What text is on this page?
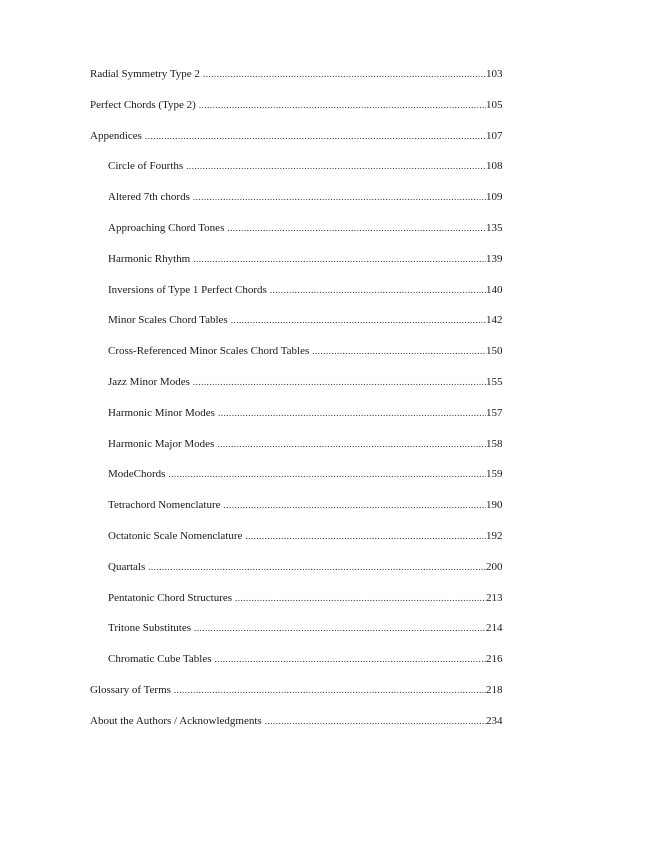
Radial Symmetry Type 2 .....	103
Perfect Chords (Type 2) .....	105
Appendices .....	107
Circle of Fourths .....	108
Altered 7th chords .....	109
Approaching Chord Tones .....	135
Harmonic Rhythm .....	139
Inversions of Type 1 Perfect Chords .....	140
Minor Scales Chord Tables .....	142
Cross-Referenced Minor Scales Chord Tables .....	150
Jazz Minor Modes .....	155
Harmonic Minor Modes .....	157
Harmonic Major Modes .....	158
ModeChords .....	159
Tetrachord Nomenclature .....	190
Octatonic Scale Nomenclature .....	192
Quartals .....	200
Pentatonic Chord Structures .....	213
Tritone Substitutes .....	214
Chromatic Cube Tables .....	216
Glossary of Terms .....	218
About the Authors / Acknowledgments .....	234
